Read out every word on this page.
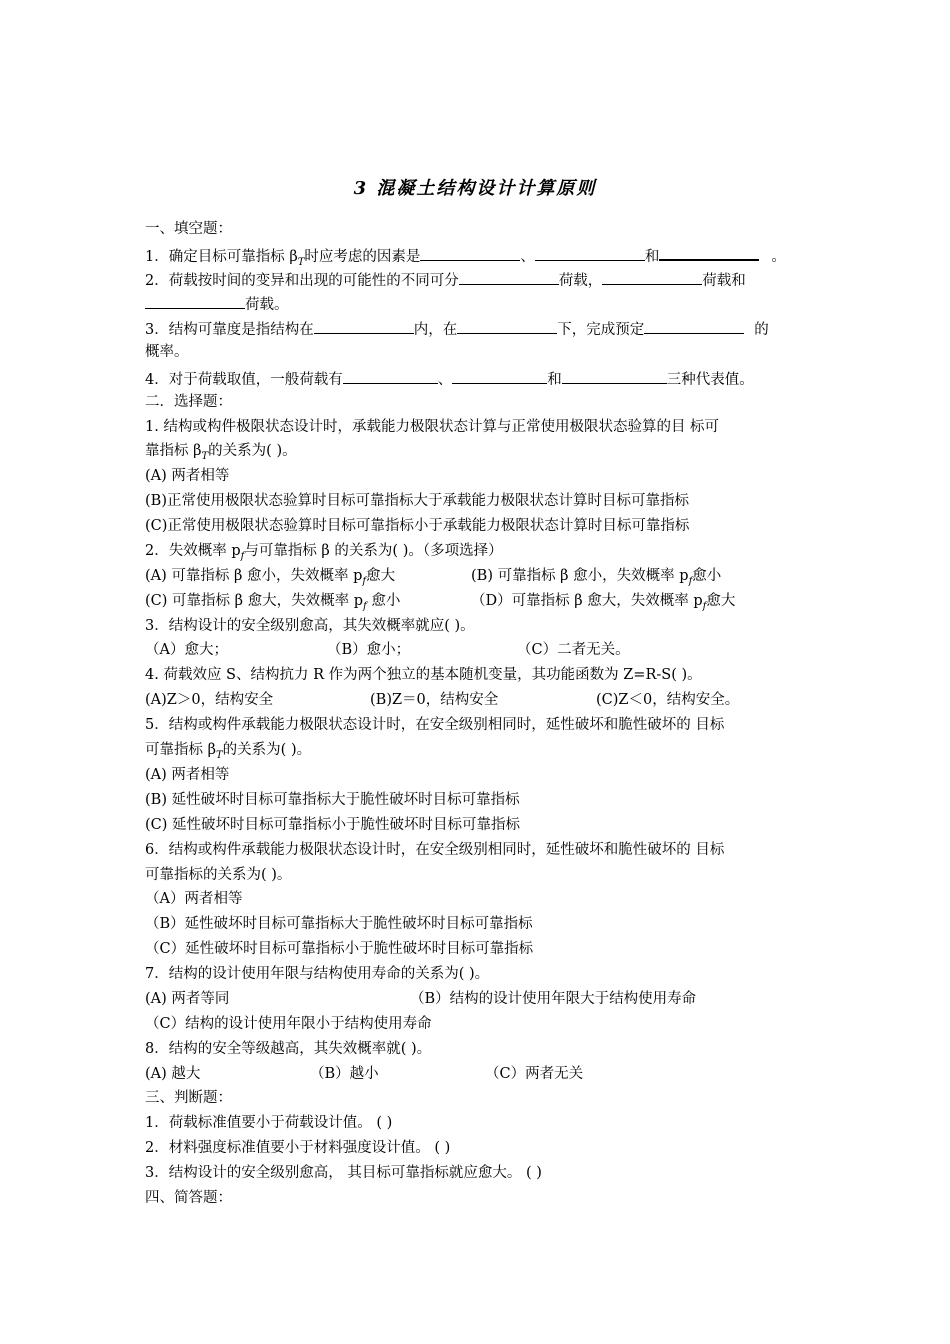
3 混凝土结构设计计算原则
一、填空题：
1．确定目标可靠指标 $\beta_T$时应考虑的因素是	、	和	。
2．荷载按时间的变异和出现的可能性的不同可分	荷载，	荷载和
荷载。
3．结构可靠度是指结构在	内，在	下，完成预定	的
概率。
4．对于荷载取值，一般荷载有	、	和	三种代表值。
二．选择题：
1. 结构或构件极限状态设计时，承载能力极限状态计算与正常使用极限状态验算的目 标可
靠指标 $\beta_T$的关系为( )。
(A) 两者相等
(B)正常使用极限状态验算时目标可靠指标大于承载能力极限状态计算时目标可靠指标
(C)正常使用极限状态验算时目标可靠指标小于承载能力极限状态计算时目标可靠指标
2．失效概率 $p_f$与可靠指标 β 的关系为( )。（多项选择）
(A) 可靠指标 β 愈小，失效概率 $p_f$愈大	(B) 可靠指标 β 愈小，失效概率 $p_f$愈小
(C) 可靠指标 β 愈大，失效概率 $p_f$ 愈小	（D）可靠指标 β 愈大，失效概率 $p_f$愈大
3．结构设计的安全级别愈高，其失效概率就应( )。
（A）愈大；	（B）愈小；	（C）二者无关。
4. 荷载效应 S、结构抗力 R 作为两个独立的基本随机变量，其功能函数为 Z=R-S( )。
(A)Z＞0，结构安全	(B)Z＝0，结构安全	(C)Z＜0，结构安全。
5．结构或构件承载能力极限状态设计时，在安全级别相同时，延性破坏和脆性破坏的 目标
可靠指标 $\beta_T$的关系为( )。
(A) 两者相等
(B) 延性破坏时目标可靠指标大于脆性破坏时目标可靠指标
(C) 延性破坏时目标可靠指标小于脆性破坏时目标可靠指标
6．结构或构件承载能力极限状态设计时，在安全级别相同时，延性破坏和脆性破坏的 目标
可靠指标的关系为( )。
（A）两者相等
（B）延性破坏时目标可靠指标大于脆性破坏时目标可靠指标
（C）延性破坏时目标可靠指标小于脆性破坏时目标可靠指标
7．结构的设计使用年限与结构使用寿命的关系为( )。
(A) 两者等同	（B）结构的设计使用年限大于结构使用寿命
（C）结构的设计使用年限小于结构使用寿命
8．结构的安全等级越高，其失效概率就( )。
(A) 越大	（B）越小	（C）两者无关
三、判断题：
1．荷载标准值要小于荷载设计值。 ( )
2．材料强度标准值要小于材料强度设计值。 ( )
3．结构设计的安全级别愈高， 其目标可靠指标就应愈大。 ( )
四、简答题：
